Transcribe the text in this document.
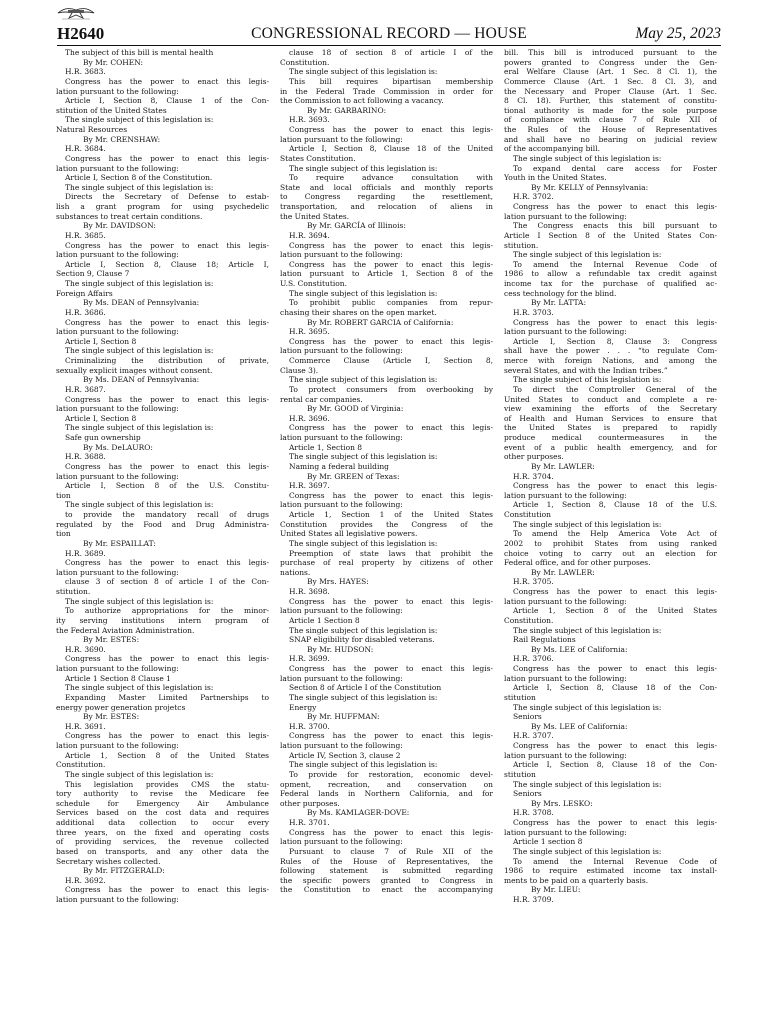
H2640	CONGRESSIONAL RECORD — HOUSE	May 25, 2023
The subject of this bill is mental health
By Mr. COHEN:
H.R. 3683.
Congress has the power to enact this legis-
lation pursuant to the following:
Article I, Section 8, Clause 1 of the Con-
stitution of the United States
The single subject of this legislation is:
Natural Resources
By Mr. CRENSHAW:
H.R. 3684.
Congress has the power to enact this legis-
lation pursuant to the following:
Article I, Section 8 of the Constitution.
The single subject of this legislation is:
Directs the Secretary of Defense to estab-
lish a grant program for using psychedelic
substances to treat certain conditions.
By Mr. DAVIDSON:
H.R. 3685.
Congress has the power to enact this legis-
lation pursuant to the following:
Article I, Section 8, Clause 18; Article I,
Section 9, Clause 7
The single subject of this legislation is:
Foreign Affairs
By Ms. DEAN of Pennsylvania:
H.R. 3686.
Congress has the power to enact this legis-
lation pursuant to the following:
Article I, Section 8
The single subject of this legislation is:
Criminalizing the distribution of private,
sexually explicit images without consent.
By Ms. DEAN of Pennsylvania:
H.R. 3687.
Congress has the power to enact this legis-
lation pursuant to the following:
Article I, Section 8
The single subject of this legislation is:
Safe gun ownership
By Ms. DeLAURO:
H.R. 3688.
Congress has the power to enact this legis-
lation pursuant to the following:
Article I, Section 8 of the U.S. Constitu-
tion
The single subject of this legislation is:
to provide the mandatory recall of drugs
regulated by the Food and Drug Administra-
tion
By Mr. ESPAILLAT:
H.R. 3689.
Congress has the power to enact this legis-
lation pursuant to the following:
clause 3 of section 8 of article I of the Con-
stitution.
The single subject of this legislation is:
To authorize appropriations for the minor-
ity serving institutions intern program of
the Federal Aviation Administration.
By Mr. ESTES:
H.R. 3690.
Congress has the power to enact this legis-
lation pursuant to the following:
Article 1 Section 8 Clause 1
The single subject of this legislation is:
Expanding Master Limited Partnerships to
energy power generation projetcs
By Mr. ESTES:
H.R. 3691.
Congress has the power to enact this legis-
lation pursuant to the following:
Article 1, Section 8 of the United States
Constitution.
The single subject of this legislation is:
This legislation provides CMS the statu-
tory authority to revise the Medicare fee
schedule for Emergency Air Ambulance
Services based on the cost data and requires
additional data collection to occur every
three years, on the fixed and operating costs
of providing services, the revenue collected
based on transports, and any other data the
Secretary wishes collected.
By Mr. FITZGERALD:
H.R. 3692.
Congress has the power to enact this legis-
lation pursuant to the following:
clause 18 of section 8 of article I of the
Constitution.
The single subject of this legislation is:
This bill requires bipartisan membership
in the Federal Trade Commission in order for
the Commission to act following a vacancy.
By Mr. GARBARINO:
H.R. 3693.
Congress has the power to enact this legis-
lation pursuant to the following:
Article I, Section 8, Clause 18 of the United
States Constitution.
The single subject of this legislation is:
To require advance consultation with
State and local officials and monthly reports
to Congress regarding the resettlement,
transportation, and relocation of aliens in
the United States.
By Mr. GARCÍA of Illinois:
H.R. 3694.
Congress has the power to enact this legis-
lation pursuant to the following:
Congress has the power to enact this legis-
lation pursuant to Article 1, Section 8 of the
U.S. Constitution.
The single subject of this legislation is:
To prohibit public companies from repur-
chasing their shares on the open market.
By Mr. ROBERT GARCIA of California:
H.R. 3695.
Congress has the power to enact this legis-
lation pursuant to the following:
Commerce Clause (Article I, Section 8,
Clause 3).
The single subject of this legislation is:
To protect consumers from overbooking by
rental car companies.
By Mr. GOOD of Virginia:
H.R. 3696.
Congress has the power to enact this legis-
lation pursuant to the following:
Article 1, Section 8
The single subject of this legislation is:
Naming a federal building
By Mr. GREEN of Texas:
H.R. 3697.
Congress has the power to enact this legis-
lation pursuant to the following:
Article 1, Section 1 of the United States
Constitution provides the Congress of the
United States all legislative powers.
The single subject of this legislation is:
Preemption of state laws that prohibit the
purchase of real property by citizens of other
nations.
By Mrs. HAYES:
H.R. 3698.
Congress has the power to enact this legis-
lation pursuant to the following:
Article 1 Section 8
The single subject of this legislation is:
SNAP eligibility for disabled veterans.
By Mr. HUDSON:
H.R. 3699.
Congress has the power to enact this legis-
lation pursuant to the following:
Section 8 of Article I of the Constitution
The single subject of this legislation is:
Energy
By Mr. HUFFMAN:
H.R. 3700.
Congress has the power to enact this legis-
lation pursuant to the following:
Article IV, Section 3, clause 2
The single subject of this legislation is:
To provide for restoration, economic devel-
opment, recreation, and conservation on
Federal lands in Northern California, and for
other purposes.
By Ms. KAMLAGER-DOVE:
H.R. 3701.
Congress has the power to enact this legis-
lation pursuant to the following:
Pursuant to clause 7 of Rule XII of the
Rules of the House of Representatives, the
following statement is submitted regarding
the specific powers granted to Congress in
the Constitution to enact the accompanying
bill. This bill is introduced pursuant to the
powers granted to Congress under the Gen-
eral Welfare Clause (Art. 1 Sec. 8 Cl. 1), the
Commerce Clause (Art. 1 Sec. 8 Cl. 3), and
the Necessary and Proper Clause (Art. 1 Sec.
8 Cl. 18). Further, this statement of constitu-
tional authority is made for the sole purpose
of compliance with clause 7 of Rule XII of
the Rules of the House of Representatives
and shall have no bearing on judicial review
of the accompanying bill.
The single subject of this legislation is:
To expand dental care access for Foster
Youth in the United States.
By Mr. KELLY of Pennsylvania:
H.R. 3702.
Congress has the power to enact this legis-
lation pursuant to the following:
The Congress enacts this bill pursuant to
Article I Section 8 of the United States Con-
stitution.
The single subject of this legislation is:
To amend the Internal Revenue Code of
1986 to allow a refundable tax credit against
income tax for the purchase of qualified ac-
cess technology for the blind.
By Mr. LATTA:
H.R. 3703.
Congress has the power to enact this legis-
lation pursuant to the following:
Article I, Section 8, Clause 3: Congress
shall have the power . . . “to regulate Com-
merce with foreign Nations, and among the
several States, and with the Indian tribes.”
The single subject of this legislation is:
To direct the Comptroller General of the
United States to conduct and complete a re-
view examining the efforts of the Secretary
of Health and Human Services to ensure that
the United States is prepared to rapidly
produce medical countermeasures in the
event of a public health emergency, and for
other purposes.
By Mr. LAWLER:
H.R. 3704.
Congress has the power to enact this legis-
lation pursuant to the following:
Article 1, Section 8, Clause 18 of the U.S.
Constitution
The single subject of this legislation is:
To amend the Help America Vote Act of
2002 to prohibit States from using ranked
choice voting to carry out an election for
Federal office, and for other purposes.
By Mr. LAWLER:
H.R. 3705.
Congress has the power to enact this legis-
lation pursuant to the following:
Article 1, Section 8 of the United States
Constitution.
The single subject of this legislation is:
Rail Regulations
By Ms. LEE of California:
H.R. 3706.
Congress has the power to enact this legis-
lation pursuant to the following:
Article I, Section 8, Clause 18 of the Con-
stitution
The single subject of this legislation is:
Seniors
By Ms. LEE of California:
H.R. 3707.
Congress has the power to enact this legis-
lation pursuant to the following:
Article I, Section 8, Clause 18 of the Con-
stitution
The single subject of this legislation is:
Seniors
By Mrs. LESKO:
H.R. 3708.
Congress has the power to enact this legis-
lation pursuant to the following:
Article 1 section 8
The single subject of this legislation is:
To amend the Internal Revenue Code of
1986 to require estimated income tax install-
ments to be paid on a quarterly basis.
By Mr. LIEU:
H.R. 3709.
